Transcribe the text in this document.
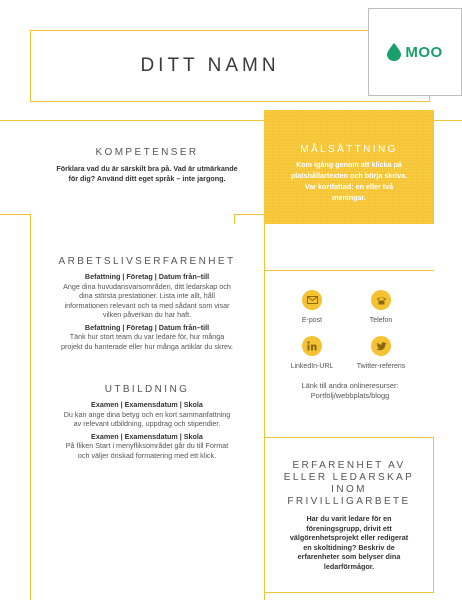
DITT NAMN
MOO
KOMPETENSER
Förklara vad du är särskilt bra på. Vad är utmärkande
för dig? Använd ditt eget språk – inte jargong.
MÅLSÄTTNING
Kom igång genom att klicka på
platshållartexten och börja skriva.
Var kortfattad: en eller två
meningar.
ARBETSLIVSERFARENHET
Befattning | Företag | Datum från–till
Ange dina huvudansvarsområden, ditt ledarskap och
dina största prestationer. Lista inte allt, håll
informationen relevant och ta med sådant som visar
vilken påverkan du har haft.
Befattning | Företag | Datum från–till
Tänk hur stort team du var ledare för, hur många
projekt du hanterade eller hur många artiklar du skrev.
UTBILDNING
Examen | Examensdatum | Skola
Du kan ange dina betyg och en kort sammanfattning
av relevant utbildning, uppdrag och stipendier.
Examen | Examensdatum | Skola
På fliken Start i menyfliksområdet går du till Format
och väljer önskad formatering med ett klick.
E-post	Telefon
LinkedIn-URL	Twitter-referens
Länk till andra onlineresurser:
Portfölj/webbplats/blogg
ERFARENHET AV
ELLER LEDARSKAP
INOM
FRIVILLIGARBETE
Har du varit ledare för en
föreningsgrupp, drivit ett
välgörenhetsprojekt eller redigerat
en skoltidning? Beskriv de
erfarenheter som belyser dina
ledarförmågor.
